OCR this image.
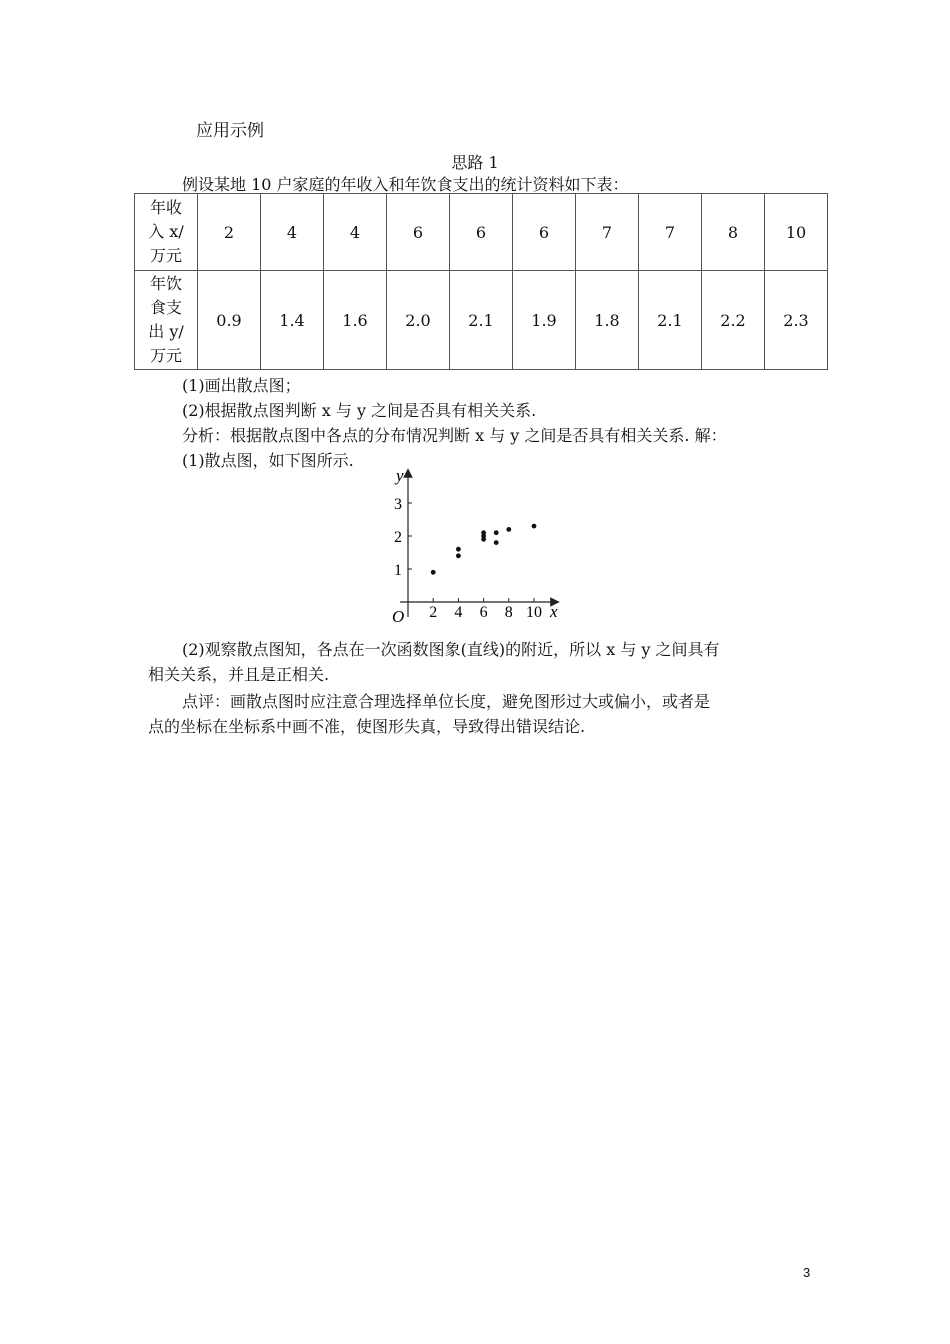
应用示例
思路 1
例设某地 10 户家庭的年收入和年饮食支出的统计资料如下表：
年收
入 x/
万元	2	4	4	6	6	6	7	7	8	10
年饮
食支
出 y/
万元	0.9	1.4	1.6	2.0	2.1	1.9	1.8	2.1	2.2	2.3
(1)画出散点图；
(2)根据散点图判断 x 与 y 之间是否具有相关关系.
分析：根据散点图中各点的分布情况判断 x 与 y 之间是否具有相关关系. 解：
(1)散点图，如下图所示.
2 4 6 8 10
1
2
3
O	x
y
(2)观察散点图知，各点在一次函数图象(直线)的附近，所以 x 与 y 之间具有
相关关系，并且是正相关.
点评：画散点图时应注意合理选择单位长度，避免图形过大或偏小，或者是
点的坐标在坐标系中画不准，使图形失真，导致得出错误结论.
3
